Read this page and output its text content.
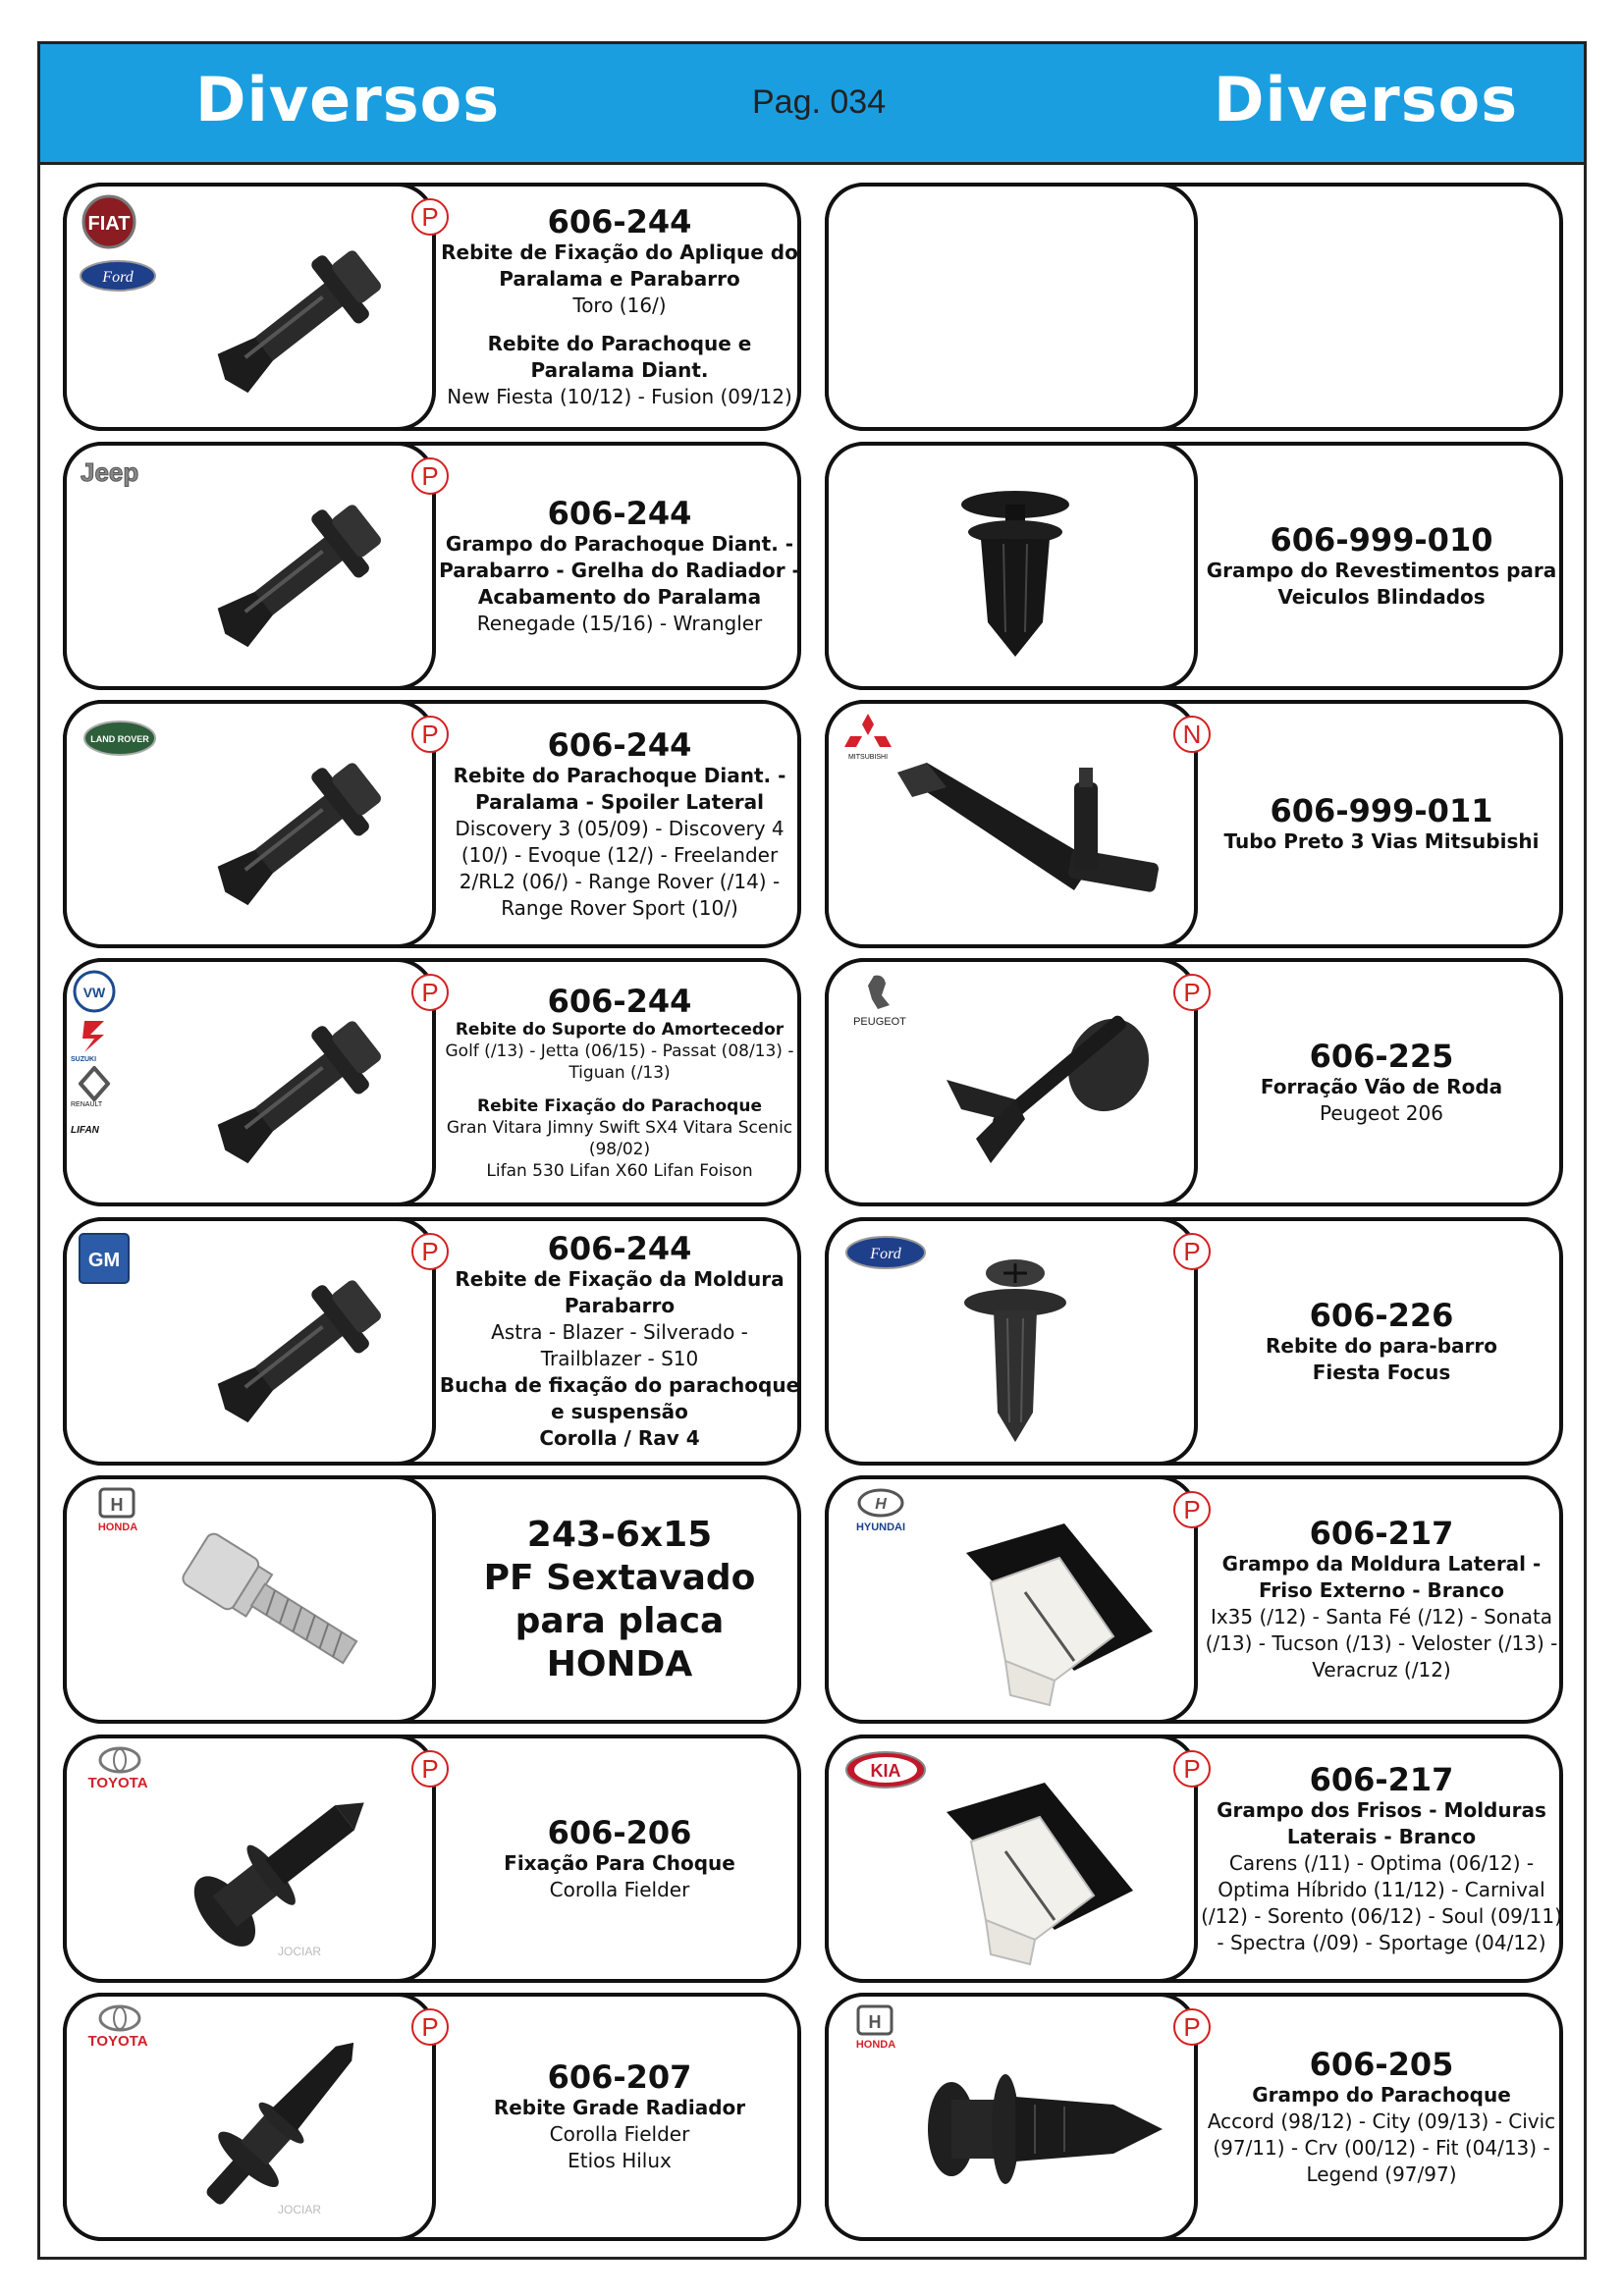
Diversos	Pag. 034	Diversos
FIAT
Ford
P	606-244
Rebite de Fixação do Aplique do Paralama e Parabarro
Toro (16/)
Rebite do Parachoque e Paralama Diant.
New Fiesta (10/12) - Fusion (09/12)
Jeep	P
606-244
Grampo do Parachoque Diant. - Parabarro - Grelha do Radiador - Acabamento do Paralama
Renegade (15/16) - Wrangler
606-999-010
Grampo do Revestimentos para Veiculos Blindados
LAND ROVER	P	606-244
Rebite do Parachoque Diant. - Paralama - Spoiler Lateral
Discovery 3 (05/09) - Discovery 4 (10/) - Evoque (12/) - Freelander 2/RL2 (06/) - Range Rover (/14) - Range Rover Sport (10/)
MITSUBISHI
N
606-999-011
Tubo Preto 3 Vias Mitsubishi
VW
SUZUKI
RENAULT
LIFAN
P	606-244
Rebite do Suporte do Amortecedor
Golf (/13) - Jetta (06/15) - Passat (08/13) - Tiguan (/13)
Rebite Fixação do Parachoque
Gran Vitara Jimny Swift SX4 Vitara Scenic (98/02)
Lifan 530 Lifan X60 Lifan Foison
PEUGEOT
P
606-225
Forração Vão de Roda
Peugeot 206
GM	P	606-244
Rebite de Fixação da Moldura Parabarro
Astra - Blazer - Silverado - Trailblazer - S10
Bucha de fixação do parachoque e suspensão
Corolla / Rav 4
Ford	P
606-226
Rebite do para-barro
Fiesta Focus
H
HONDA	243-6x15
PF Sextavado
para placa
HONDA
H
HYUNDAI
P
606-217
Grampo da Moldura Lateral - Friso Externo - Branco
Ix35 (/12) - Santa Fé (/12) - Sonata (/13) - Tucson (/13) - Veloster (/13) - Veracruz (/12)
TOYOTA
JOCIAR
P
606-206
Fixação Para Choque
Corolla Fielder
KIA	P	606-217
Grampo dos Frisos - Molduras Laterais - Branco
Carens (/11) - Optima (06/12) - Optima Híbrido (11/12) - Carnival (/12) - Sorento (06/12) - Soul (09/11) - Spectra (/09) - Sportage (04/12)
TOYOTA
JOCIAR
P
606-207
Rebite Grade Radiador
Corolla Fielder
Etios Hilux
H
HONDA
P
606-205
Grampo do Parachoque
Accord (98/12) - City (09/13) - Civic (97/11) - Crv (00/12) - Fit (04/13) - Legend (97/97)
